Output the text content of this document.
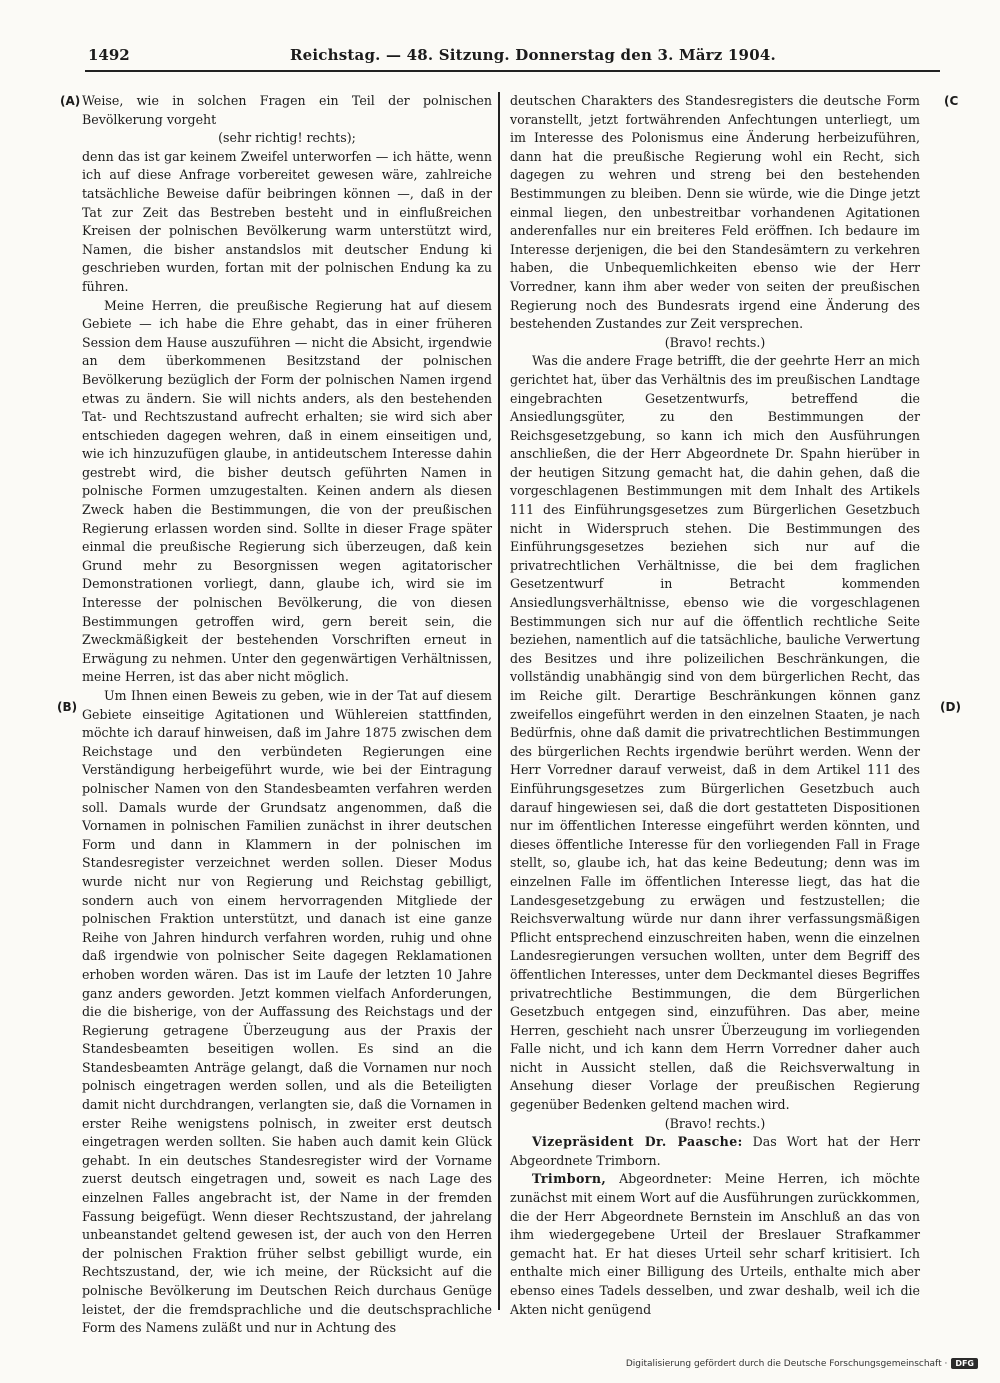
1492	Reichstag. — 48. Sitzung. Donnerstag den 3. März 1904.
(A)
(B)
(C
(D)

Weise, wie in solchen Fragen ein Teil der polnischen Bevölkerung vorgeht

(sehr richtig! rechts);

denn das ist gar keinem Zweifel unterworfen — ich hätte, wenn ich auf diese Anfrage vorbereitet gewesen wäre, zahlreiche tatsächliche Beweise dafür beibringen können —, daß in der Tat zur Zeit das Bestreben besteht und in einflußreichen Kreisen der polnischen Bevölkerung warm unterstützt wird, Namen, die bisher anstandslos mit deutscher Endung ki geschrieben wurden, fortan mit der polnischen Endung ka zu führen.

Meine Herren, die preußische Regierung hat auf diesem Gebiete — ich habe die Ehre gehabt, das in einer früheren Session dem Hause auszuführen — nicht die Absicht, irgendwie an dem überkommenen Besitzstand der polnischen Bevölkerung bezüglich der Form der polnischen Namen irgend etwas zu ändern. Sie will nichts anders, als den bestehenden Tat- und Rechtszustand aufrecht erhalten; sie wird sich aber entschieden dagegen wehren, daß in einem einseitigen und, wie ich hinzuzufügen glaube, in antideutschem Interesse dahin gestrebt wird, die bisher deutsch geführten Namen in polnische Formen umzugestalten. Keinen andern als diesen Zweck haben die Bestimmungen, die von der preußischen Regierung erlassen worden sind. Sollte in dieser Frage später einmal die preußische Regierung sich überzeugen, daß kein Grund mehr zu Besorgnissen wegen agitatorischer Demonstrationen vorliegt, dann, glaube ich, wird sie im Interesse der polnischen Bevölkerung, die von diesen Bestimmungen getroffen wird, gern bereit sein, die Zweckmäßigkeit der bestehenden Vorschriften erneut in Erwägung zu nehmen. Unter den gegenwärtigen Verhältnissen, meine Herren, ist das aber nicht möglich.

Um Ihnen einen Beweis zu geben, wie in der Tat auf diesem Gebiete einseitige Agitationen und Wühlereien stattfinden, möchte ich darauf hinweisen, daß im Jahre 1875 zwischen dem Reichstage und den verbündeten Regierungen eine Verständigung herbeigeführt wurde, wie bei der Eintragung polnischer Namen von den Standesbeamten verfahren werden soll. Damals wurde der Grundsatz angenommen, daß die Vornamen in polnischen Familien zunächst in ihrer deutschen Form und dann in Klammern in der polnischen im Standesregister verzeichnet werden sollen. Dieser Modus wurde nicht nur von Regierung und Reichstag gebilligt, sondern auch von einem hervorragenden Mitgliede der polnischen Fraktion unterstützt, und danach ist eine ganze Reihe von Jahren hindurch verfahren worden, ruhig und ohne daß irgendwie von polnischer Seite dagegen Reklamationen erhoben worden wären. Das ist im Laufe der letzten 10 Jahre ganz anders geworden. Jetzt kommen vielfach Anforderungen, die die bisherige, von der Auffassung des Reichstags und der Regierung getragene Überzeugung aus der Praxis der Standesbeamten beseitigen wollen. Es sind an die Standesbeamten Anträge gelangt, daß die Vornamen nur noch polnisch eingetragen werden sollen, und als die Beteiligten damit nicht durchdrangen, verlangten sie, daß die Vornamen in erster Reihe wenigstens polnisch, in zweiter erst deutsch eingetragen werden sollten. Sie haben auch damit kein Glück gehabt. In ein deutsches Standesregister wird der Vorname zuerst deutsch eingetragen und, soweit es nach Lage des einzelnen Falles angebracht ist, der Name in der fremden Fassung beigefügt. Wenn dieser Rechtszustand, der jahrelang unbeanstandet geltend gewesen ist, der auch von den Herren der polnischen Fraktion früher selbst gebilligt wurde, ein Rechtszustand, der, wie ich meine, der Rücksicht auf die polnische Bevölkerung im Deutschen Reich durchaus Genüge leistet, der die fremdsprachliche und die deutschsprachliche Form des Namens zuläßt und nur in Achtung des

deutschen Charakters des Standesregisters die deutsche Form voranstellt, jetzt fortwährenden Anfechtungen unterliegt, um im Interesse des Polonismus eine Änderung herbeizuführen, dann hat die preußische Regierung wohl ein Recht, sich dagegen zu wehren und streng bei den bestehenden Bestimmungen zu bleiben. Denn sie würde, wie die Dinge jetzt einmal liegen, den unbestreitbar vorhandenen Agitationen anderenfalles nur ein breiteres Feld eröffnen. Ich bedaure im Interesse derjenigen, die bei den Standesämtern zu verkehren haben, die Unbequemlichkeiten ebenso wie der Herr Vorredner, kann ihm aber weder von seiten der preußischen Regierung noch des Bundesrats irgend eine Änderung des bestehenden Zustandes zur Zeit versprechen.

(Bravo! rechts.)

Was die andere Frage betrifft, die der geehrte Herr an mich gerichtet hat, über das Verhältnis des im preußischen Landtage eingebrachten Gesetzentwurfs, betreffend die Ansiedlungsgüter, zu den Bestimmungen der Reichsgesetzgebung, so kann ich mich den Ausführungen anschließen, die der Herr Abgeordnete Dr. Spahn hierüber in der heutigen Sitzung gemacht hat, die dahin gehen, daß die vorgeschlagenen Bestimmungen mit dem Inhalt des Artikels 111 des Einführungsgesetzes zum Bürgerlichen Gesetzbuch nicht in Widerspruch stehen. Die Bestimmungen des Einführungsgesetzes beziehen sich nur auf die privatrechtlichen Verhältnisse, die bei dem fraglichen Gesetzentwurf in Betracht kommenden Ansiedlungsverhältnisse, ebenso wie die vorgeschlagenen Bestimmungen sich nur auf die öffentlich rechtliche Seite beziehen, namentlich auf die tatsächliche, bauliche Verwertung des Besitzes und ihre polizeilichen Beschränkungen, die vollständig unabhängig sind von dem bürgerlichen Recht, das im Reiche gilt. Derartige Beschränkungen können ganz zweifellos eingeführt werden in den einzelnen Staaten, je nach Bedürfnis, ohne daß damit die privatrechtlichen Bestimmungen des bürgerlichen Rechts irgendwie berührt werden. Wenn der Herr Vorredner darauf verweist, daß in dem Artikel 111 des Einführungsgesetzes zum Bürgerlichen Gesetzbuch auch darauf hingewiesen sei, daß die dort gestatteten Dispositionen nur im öffentlichen Interesse eingeführt werden könnten, und dieses öffentliche Interesse für den vorliegenden Fall in Frage stellt, so, glaube ich, hat das keine Bedeutung; denn was im einzelnen Falle im öffentlichen Interesse liegt, das hat die Landesgesetzgebung zu erwägen und festzustellen; die Reichsverwaltung würde nur dann ihrer verfassungsmäßigen Pflicht entsprechend einzuschreiten haben, wenn die einzelnen Landesregierungen versuchen wollten, unter dem Begriff des öffentlichen Interesses, unter dem Deckmantel dieses Begriffes privatrechtliche Bestimmungen, die dem Bürgerlichen Gesetzbuch entgegen sind, einzuführen. Das aber, meine Herren, geschieht nach unsrer Überzeugung im vorliegenden Falle nicht, und ich kann dem Herrn Vorredner daher auch nicht in Aussicht stellen, daß die Reichsverwaltung in Ansehung dieser Vorlage der preußischen Regierung gegenüber Bedenken geltend machen wird.

(Bravo! rechts.)

Vizepräsident Dr. Paasche: Das Wort hat der Herr Abgeordnete Trimborn.

Trimborn, Abgeordneter: Meine Herren, ich möchte zunächst mit einem Wort auf die Ausführungen zurückkommen, die der Herr Abgeordnete Bernstein im Anschluß an das von ihm wiedergegebene Urteil der Breslauer Strafkammer gemacht hat. Er hat dieses Urteil sehr scharf kritisiert. Ich enthalte mich einer Billigung des Urteils, enthalte mich aber ebenso eines Tadels desselben, und zwar deshalb, weil ich die Akten nicht genügend

Digitalisierung gefördert durch die Deutsche Forschungsgemeinschaft ·	DFG
